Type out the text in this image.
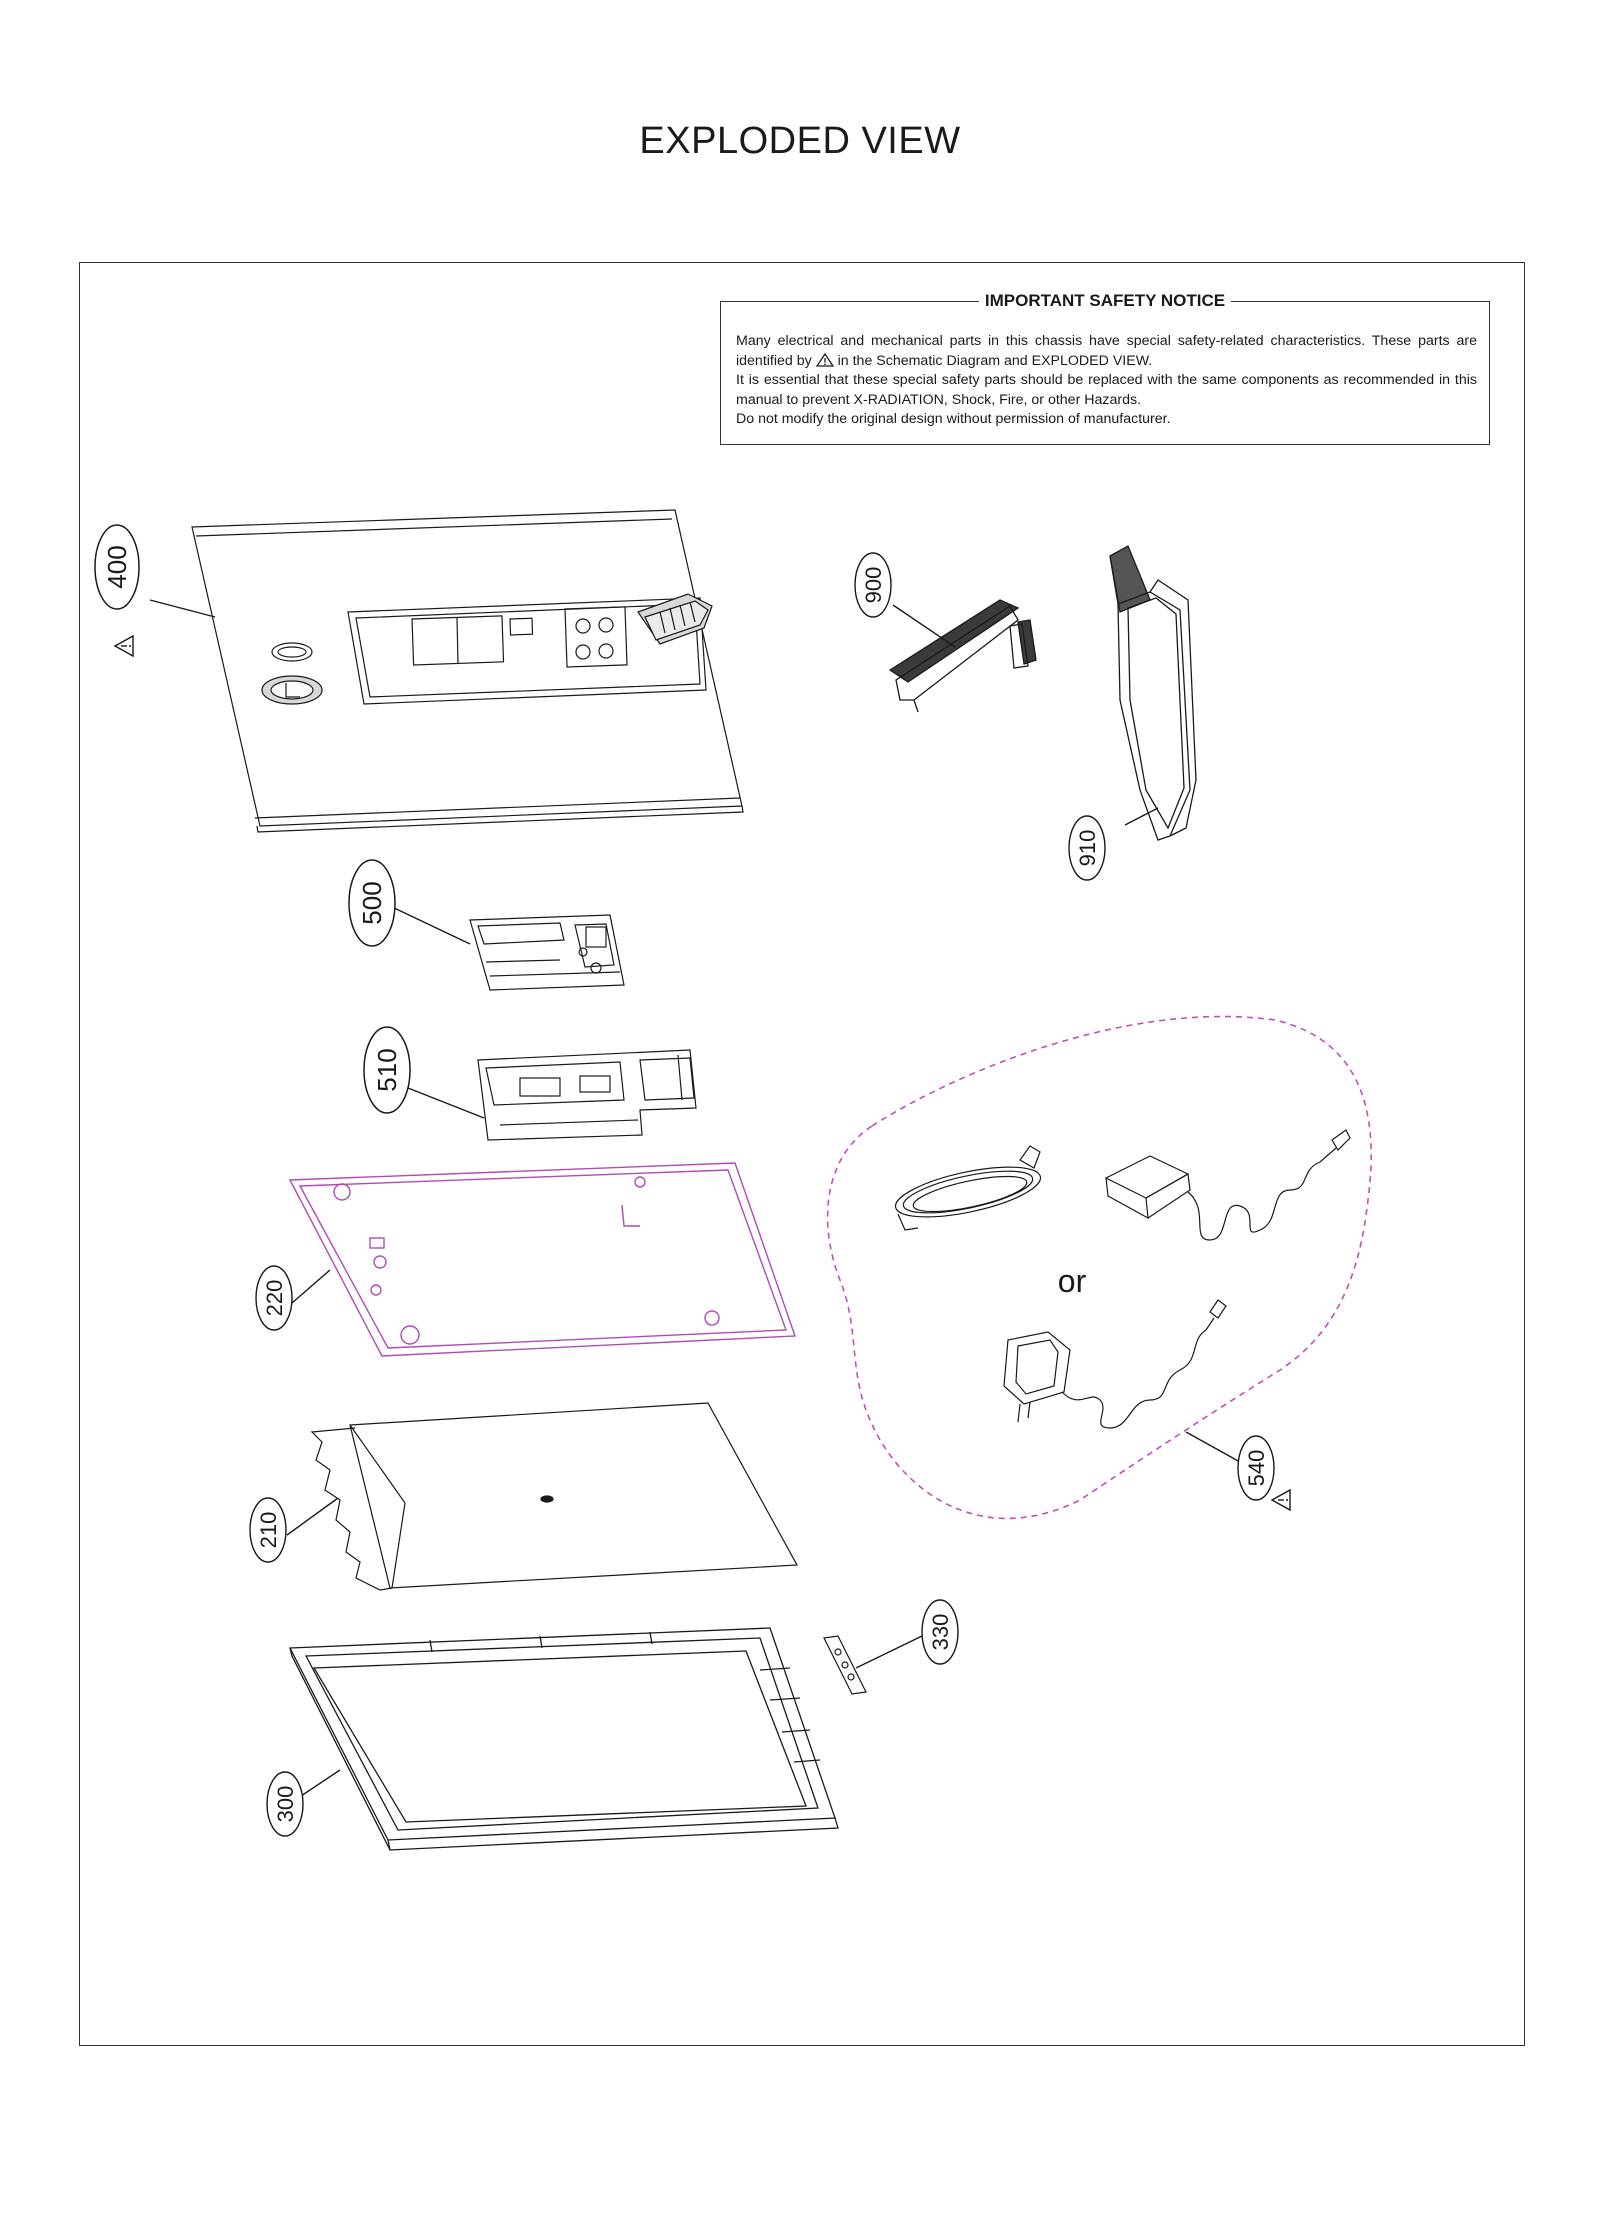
EXPLODED VIEW
IMPORTANT SAFETY NOTICE

Many electrical and mechanical parts in this chassis have special safety-related characteristics. These parts are identified by in the Schematic Diagram and EXPLODED VIEW.

It is essential that these special safety parts should be replaced with the same components as recommended in this manual to prevent X-RADIATION, Shock, Fire, or other Hazards.

Do not modify the original design without permission of manufacturer.

400
500
510
220
210
300
330
900
910
or
540
